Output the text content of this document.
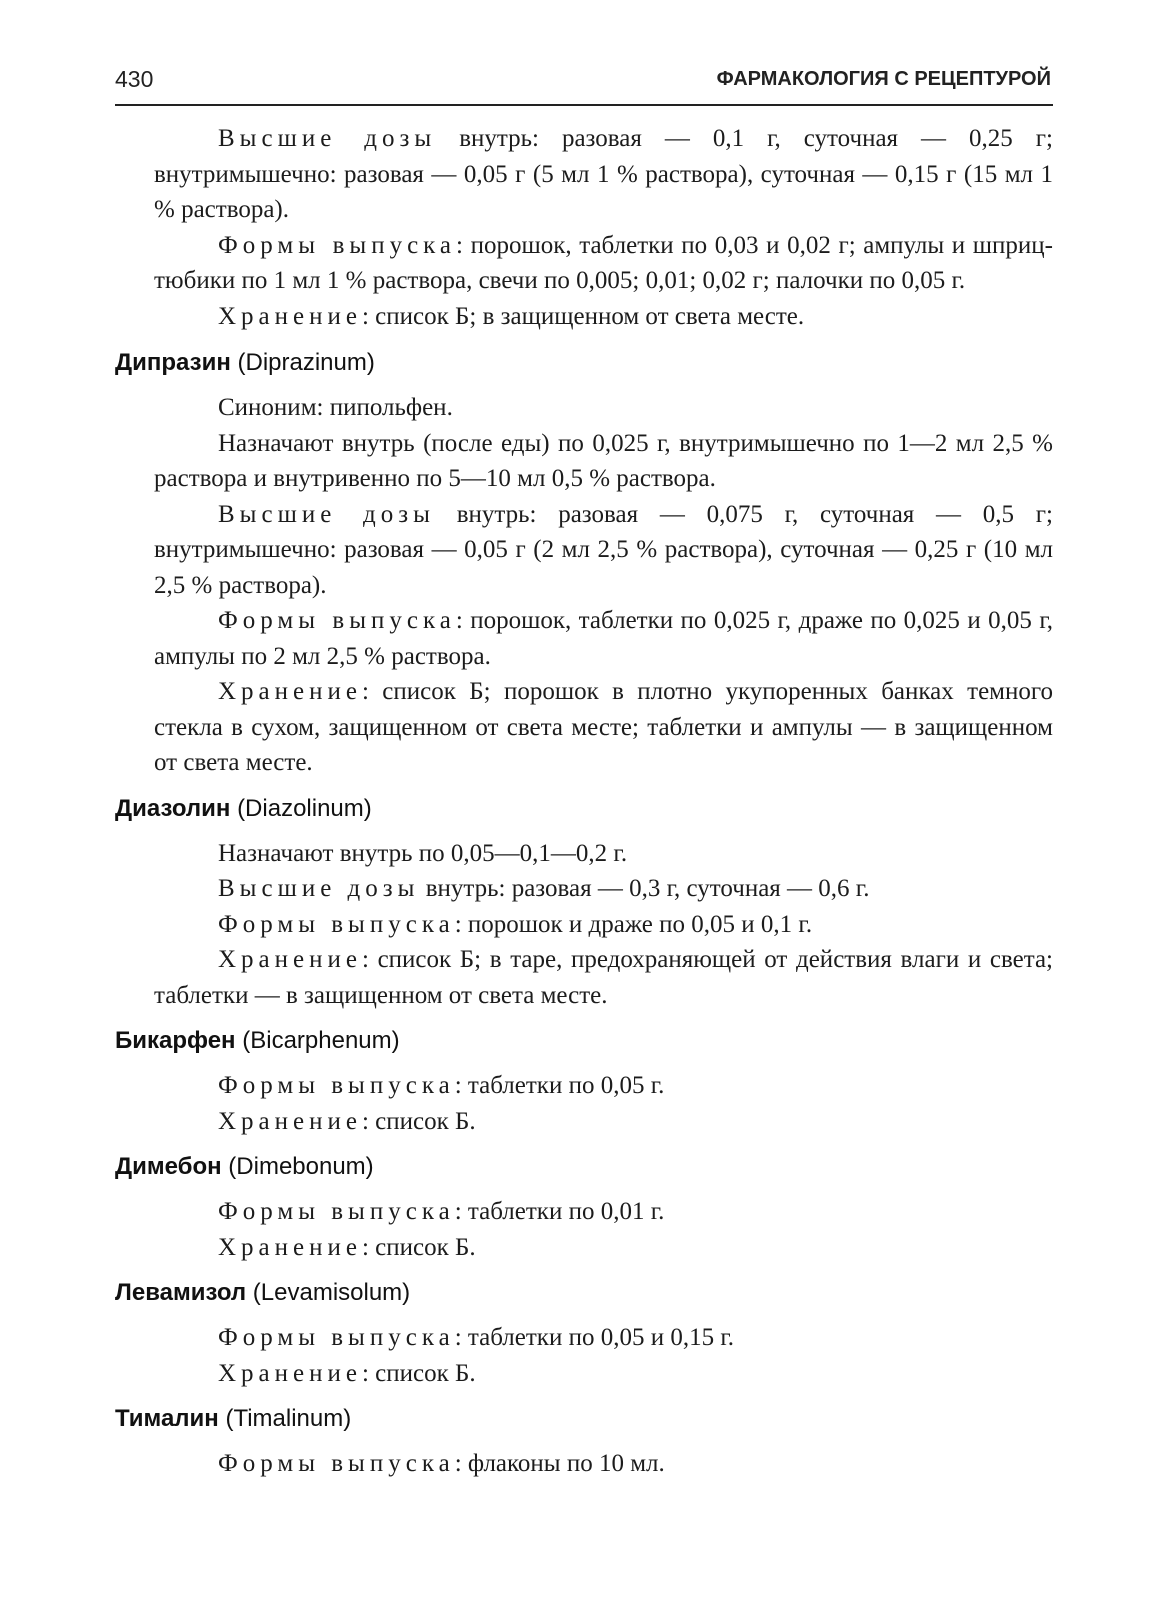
430	ФАРМАКОЛОГИЯ С РЕЦЕПТУРОЙ

Высшие дозы внутрь: разовая — 0,1 г, суточная — 0,25 г; внутримышечно: разовая — 0,05 г (5 мл 1 % раствора), суточная — 0,15 г (15 мл 1 % раствора).

Формы выпуска: порошок, таблетки по 0,03 и 0,02 г; ампулы и шприц-тюбики по 1 мл 1 % раствора, свечи по 0,005; 0,01; 0,02 г; палочки по 0,05 г.

Хранение: список Б; в защищенном от света месте.

Дипразин (Diprazinum)

Синоним: пипольфен.

Назначают внутрь (после еды) по 0,025 г, внутримышечно по 1—2 мл 2,5 % раствора и внутривенно по 5—10 мл 0,5 % раствора.

Высшие дозы внутрь: разовая — 0,075 г, суточная — 0,5 г; внутримышечно: разовая — 0,05 г (2 мл 2,5 % раствора), суточная — 0,25 г (10 мл 2,5 % раствора).

Формы выпуска: порошок, таблетки по 0,025 г, драже по 0,025 и 0,05 г, ампулы по 2 мл 2,5 % раствора.

Хранение: список Б; порошок в плотно укупоренных банках темного стекла в сухом, защищенном от света месте; таблетки и ампулы — в защищенном от света месте.

Диазолин (Diazolinum)

Назначают внутрь по 0,05—0,1—0,2 г.

Высшие дозы внутрь: разовая — 0,3 г, суточная — 0,6 г.

Формы выпуска: порошок и драже по 0,05 и 0,1 г.

Хранение: список Б; в таре, предохраняющей от действия влаги и света; таблетки — в защищенном от света месте.

Бикарфен (Bicarphenum)

Формы выпуска: таблетки по 0,05 г.

Хранение: список Б.

Димебон (Dimebonum)

Формы выпуска: таблетки по 0,01 г.

Хранение: список Б.

Левамизол (Levamisolum)

Формы выпуска: таблетки по 0,05 и 0,15 г.

Хранение: список Б.

Тималин (Timalinum)

Формы выпуска: флаконы по 10 мл.
